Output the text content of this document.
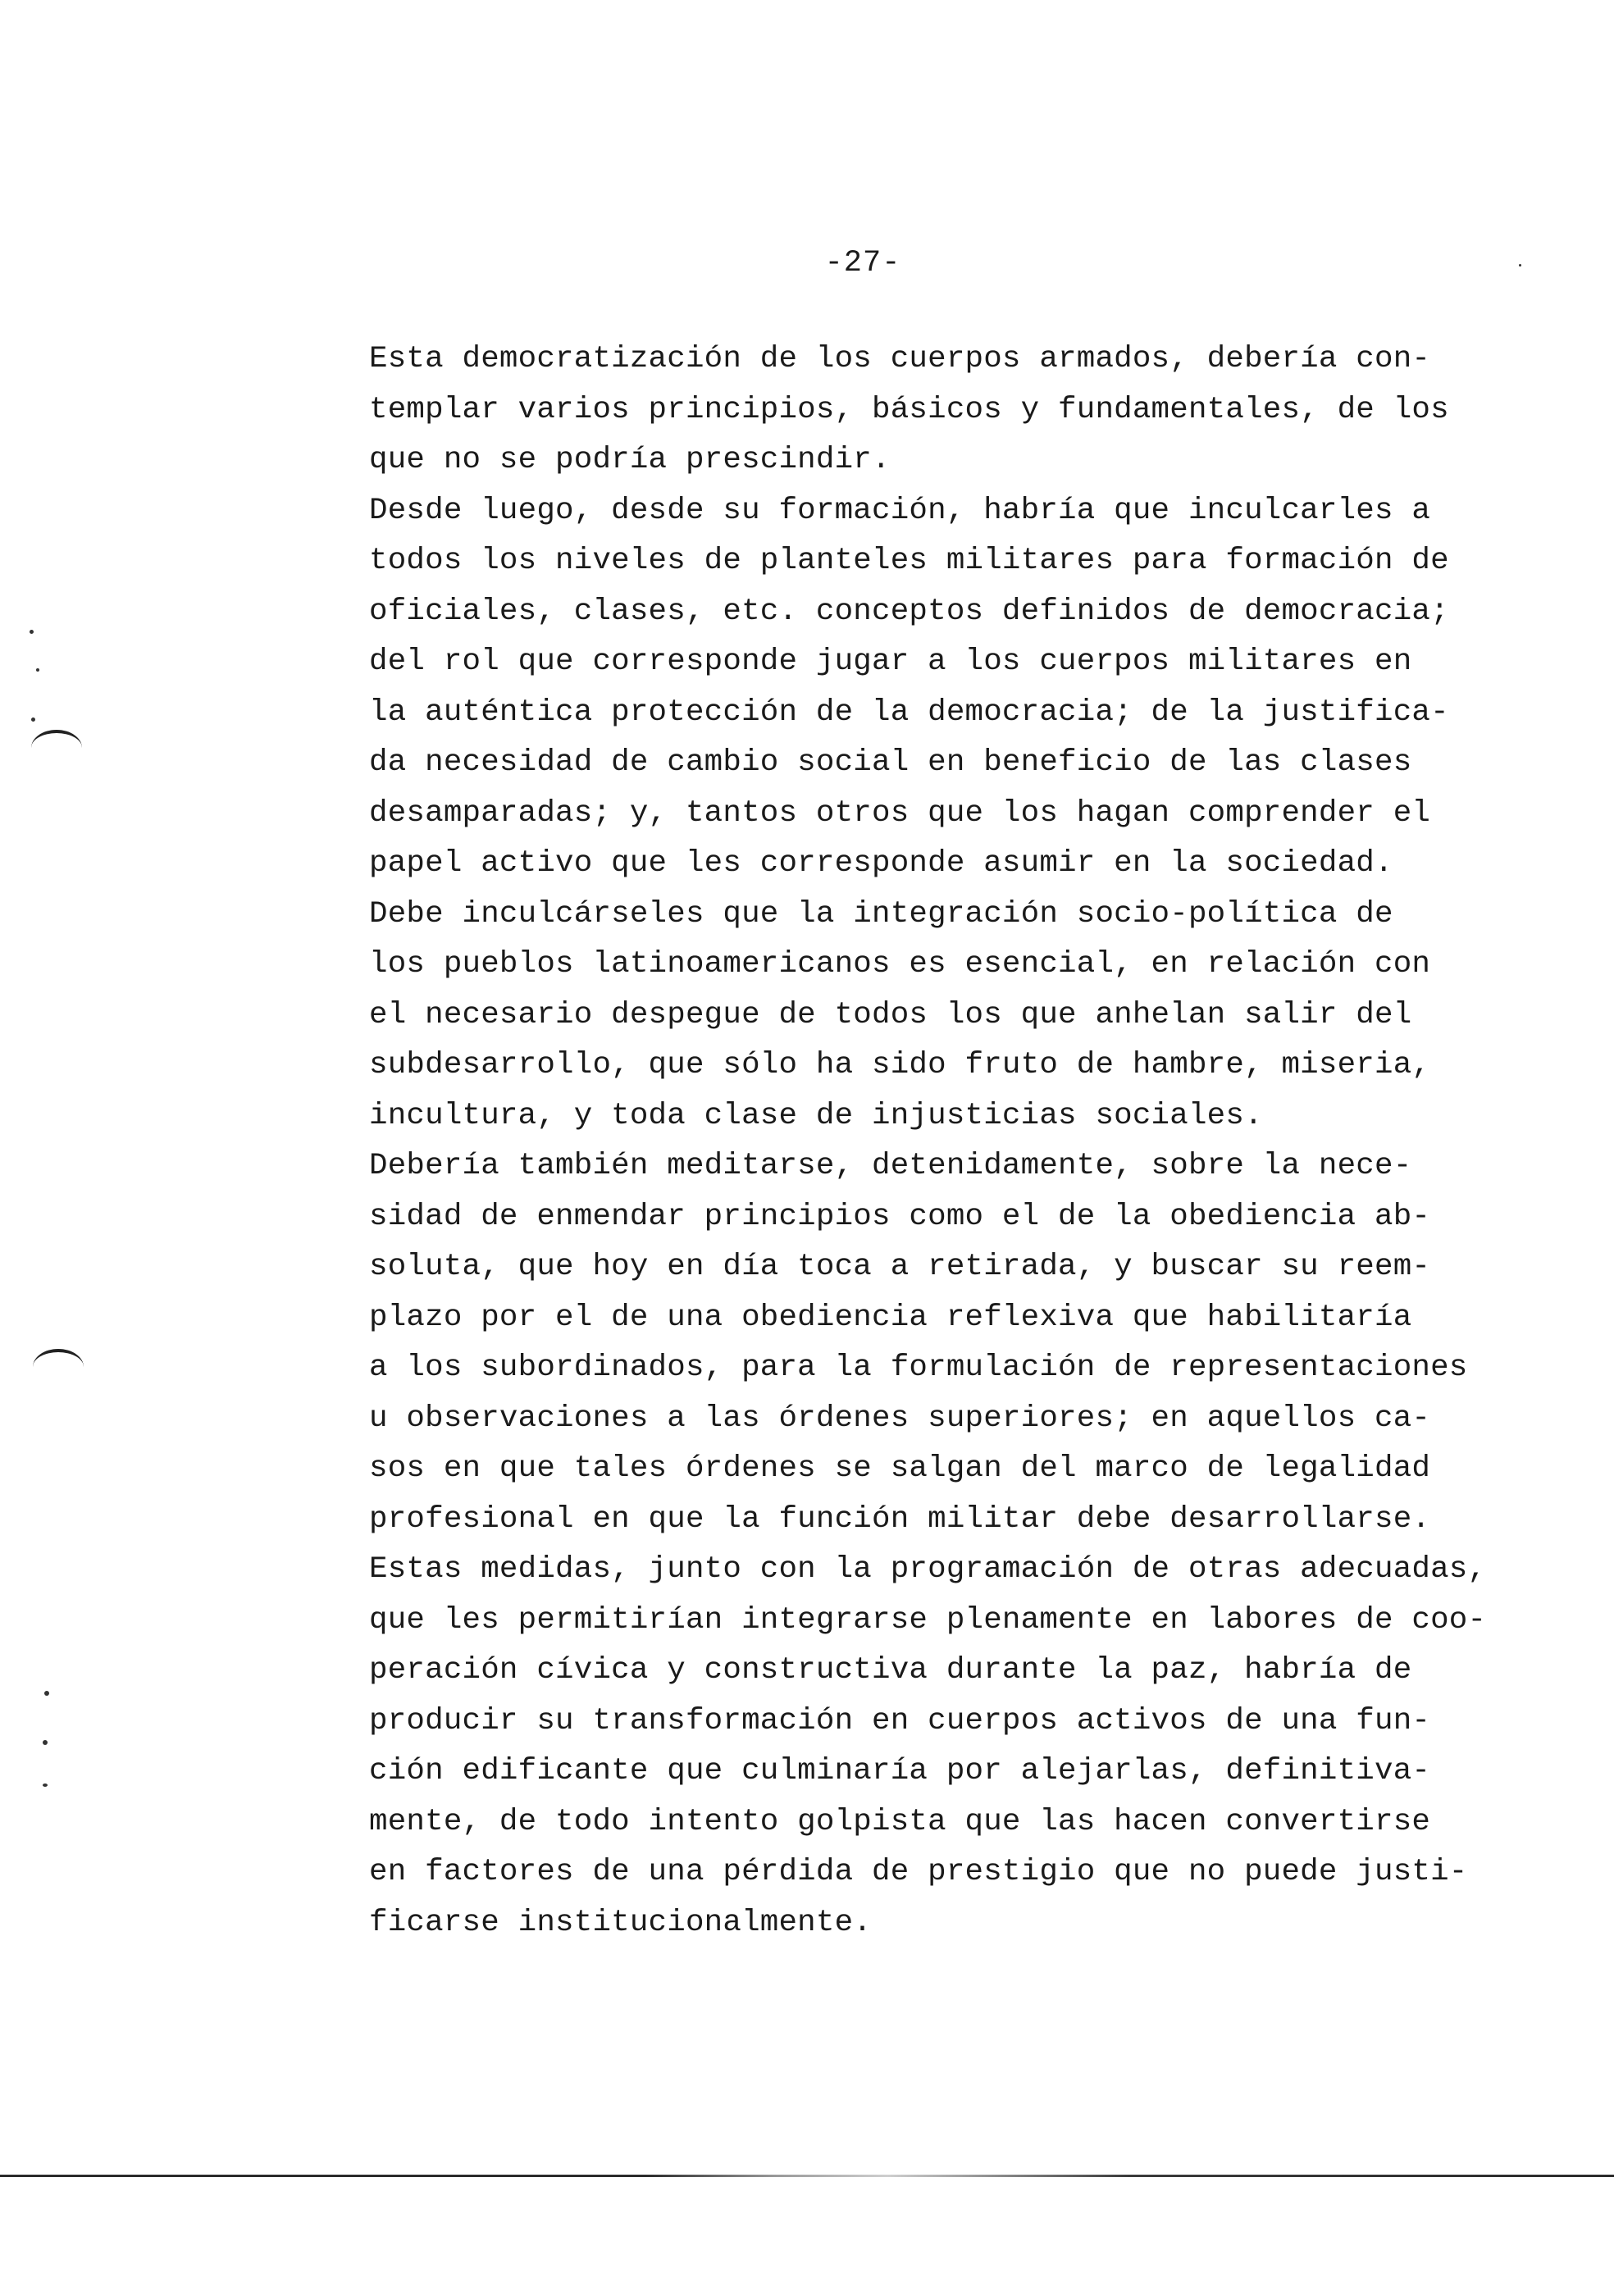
-27-
Esta democratización de los cuerpos armados, debería con-
templar varios principios, básicos y fundamentales, de los
que no se podría prescindir.
Desde luego, desde su formación, habría que inculcarles a
todos los niveles de planteles militares para formación de
oficiales, clases, etc. conceptos definidos de democracia;
del rol que corresponde jugar a los cuerpos militares en
la auténtica protección de la democracia; de la justifica-
da necesidad de cambio social en beneficio de las clases
desamparadas; y, tantos otros que los hagan comprender el
papel activo que les corresponde asumir en la sociedad.
Debe inculcárseles que la integración socio-política de
los pueblos latinoamericanos es esencial, en relación con
el necesario despegue de todos los que anhelan salir del
subdesarrollo, que sólo ha sido fruto de hambre, miseria,
incultura, y toda clase de injusticias sociales.
Debería también meditarse, detenidamente, sobre la nece-
sidad de enmendar principios como el de la obediencia ab-
soluta, que hoy en día toca a retirada, y buscar su reem-
plazo por el de una obediencia reflexiva que habilitaría
a los subordinados, para la formulación de representaciones
u observaciones a las órdenes superiores; en aquellos ca-
sos en que tales órdenes se salgan del marco de legalidad
profesional en que la función militar debe desarrollarse.
Estas medidas, junto con la programación de otras adecuadas,
que les permitirían integrarse plenamente en labores de coo-
peración cívica y constructiva durante la paz, habría de
producir su transformación en cuerpos activos de una fun-
ción edificante que culminaría por alejarlas, definitiva-
mente, de todo intento golpista que las hacen convertirse
en factores de una pérdida de prestigio que no puede justi-
ficarse institucionalmente.
